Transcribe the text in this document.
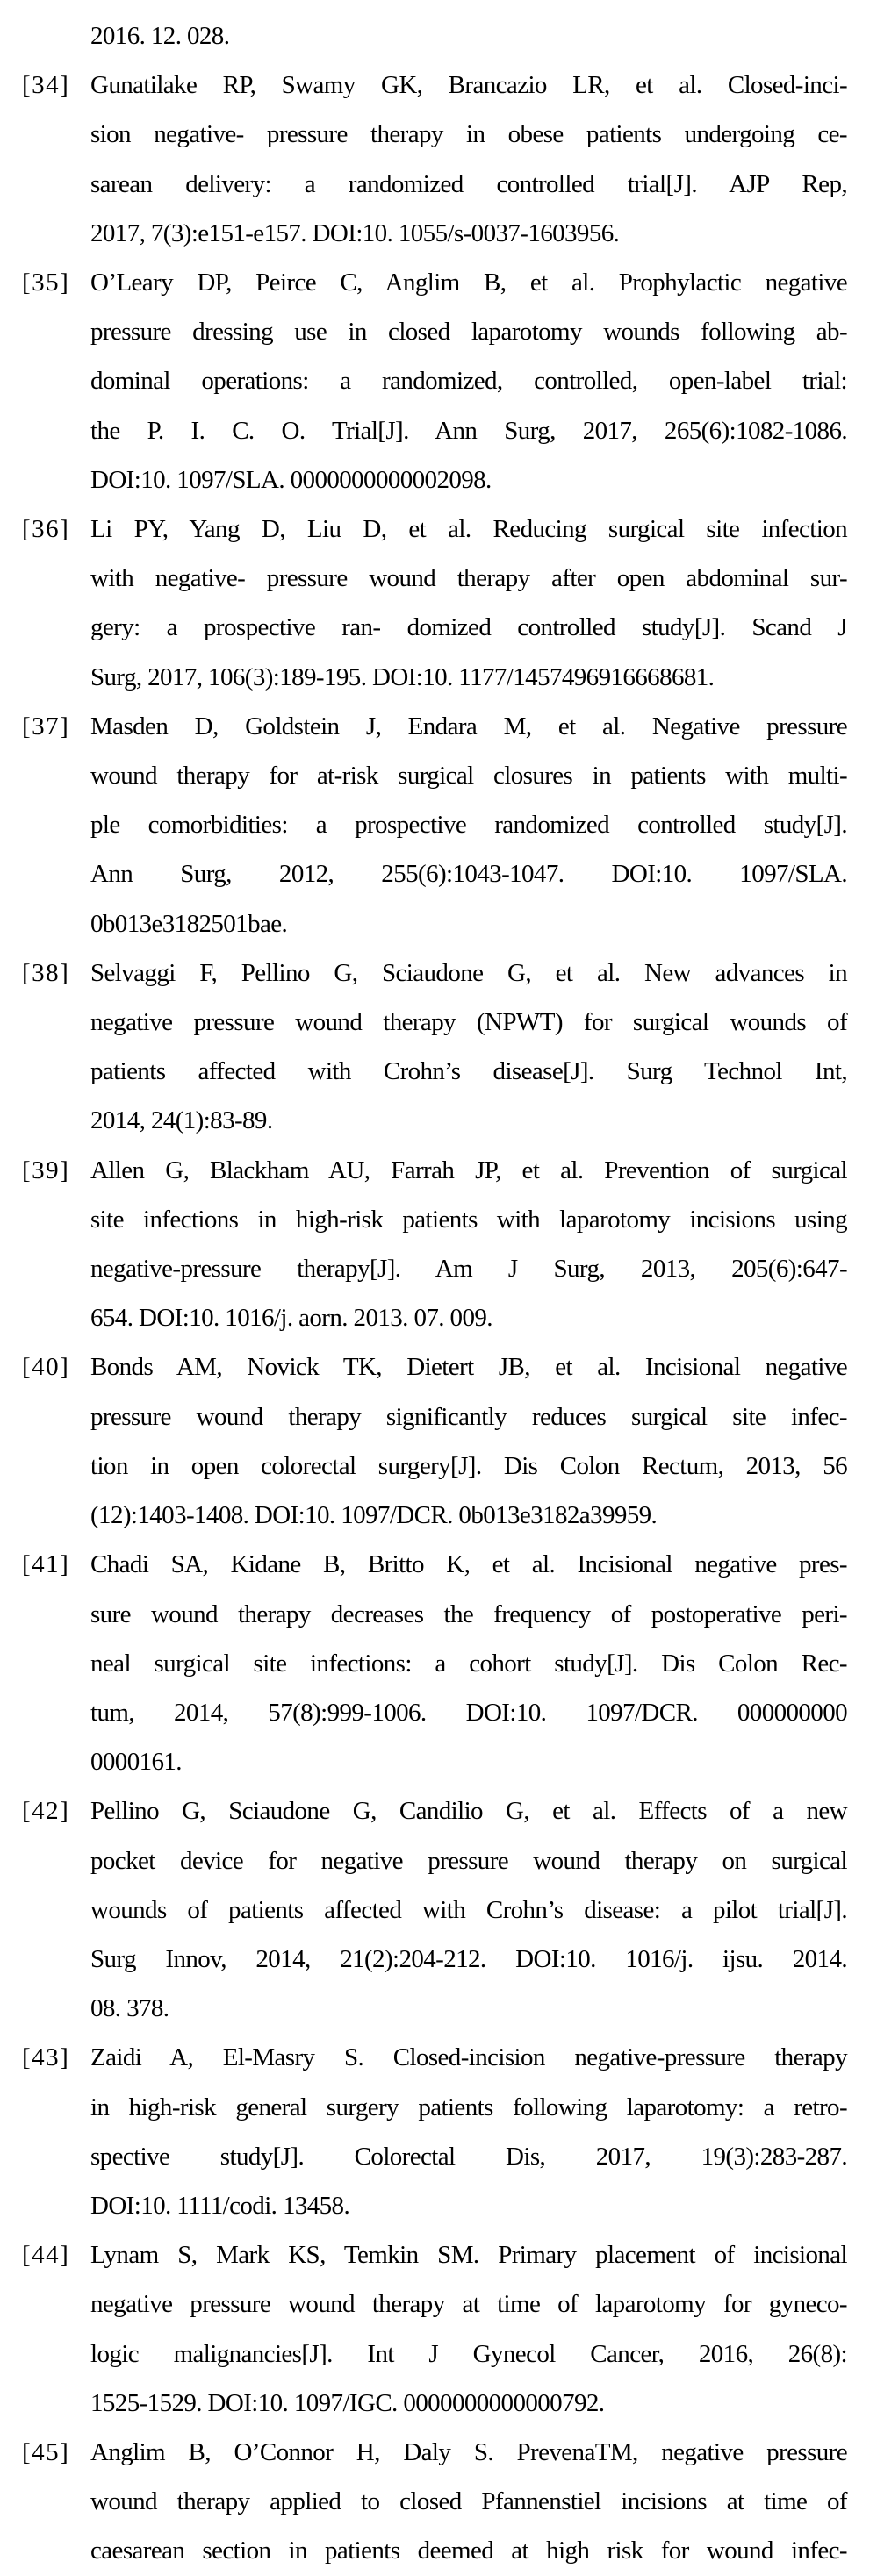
2016. 12. 028.
[34] Gunatilake RP, Swamy GK, Brancazio LR, et al. Closed-inci-
sion negative- pressure therapy in obese patients undergoing ce-
sarean delivery: a randomized controlled trial[J]. AJP Rep,
2017, 7(3):e151-e157. DOI:10. 1055/s-0037-1603956.
[35] O’Leary DP, Peirce C, Anglim B, et al. Prophylactic negative
pressure dressing use in closed laparotomy wounds following ab-
dominal operations: a randomized, controlled, open-label trial:
the P. I. C. O. Trial[J]. Ann Surg, 2017, 265(6):1082-1086.
DOI:10. 1097/SLA. 0000000000002098.
[36] Li PY, Yang D, Liu D, et al. Reducing surgical site infection
with negative- pressure wound therapy after open abdominal sur-
gery: a prospective ran- domized controlled study[J]. Scand J
Surg, 2017, 106(3):189-195. DOI:10. 1177/1457496916668681.
[37] Masden D, Goldstein J, Endara M, et al. Negative pressure
wound therapy for at-risk surgical closures in patients with multi-
ple comorbidities: a prospective randomized controlled study[J].
Ann Surg, 2012, 255(6):1043-1047. DOI:10. 1097/SLA.
0b013e3182501bae.
[38] Selvaggi F, Pellino G, Sciaudone G, et al. New advances in
negative pressure wound therapy (NPWT) for surgical wounds of
patients affected with Crohn’s disease[J]. Surg Technol Int,
2014, 24(1):83-89.
[39] Allen G, Blackham AU, Farrah JP, et al. Prevention of surgical
site infections in high-risk patients with laparotomy incisions using
negative-pressure therapy[J]. Am J Surg, 2013, 205(6):647-
654. DOI:10. 1016/j. aorn. 2013. 07. 009.
[40] Bonds AM, Novick TK, Dietert JB, et al. Incisional negative
pressure wound therapy significantly reduces surgical site infec-
tion in open colorectal surgery[J]. Dis Colon Rectum, 2013, 56
(12):1403-1408. DOI:10. 1097/DCR. 0b013e3182a39959.
[41] Chadi SA, Kidane B, Britto K, et al. Incisional negative pres-
sure wound therapy decreases the frequency of postoperative peri-
neal surgical site infections: a cohort study[J]. Dis Colon Rec-
tum, 2014, 57(8):999-1006. DOI:10. 1097/DCR. 000000000
0000161.
[42] Pellino G, Sciaudone G, Candilio G, et al. Effects of a new
pocket device for negative pressure wound therapy on surgical
wounds of patients affected with Crohn’s disease: a pilot trial[J].
Surg Innov, 2014, 21(2):204-212. DOI:10. 1016/j. ijsu. 2014.
08. 378.
[43] Zaidi A, El-Masry S. Closed-incision negative-pressure therapy
in high-risk general surgery patients following laparotomy: a retro-
spective study[J]. Colorectal Dis, 2017, 19(3):283-287.
DOI:10. 1111/codi. 13458.
[44] Lynam S, Mark KS, Temkin SM. Primary placement of incisional
negative pressure wound therapy at time of laparotomy for gyneco-
logic malignancies[J]. Int J Gynecol Cancer, 2016, 26(8):
1525-1529. DOI:10. 1097/IGC. 0000000000000792.
[45] Anglim B, O’Connor H, Daly S. PrevenaTM, negative pressure
wound therapy applied to closed Pfannenstiel incisions at time of
caesarean section in patients deemed at high risk for wound infec-
